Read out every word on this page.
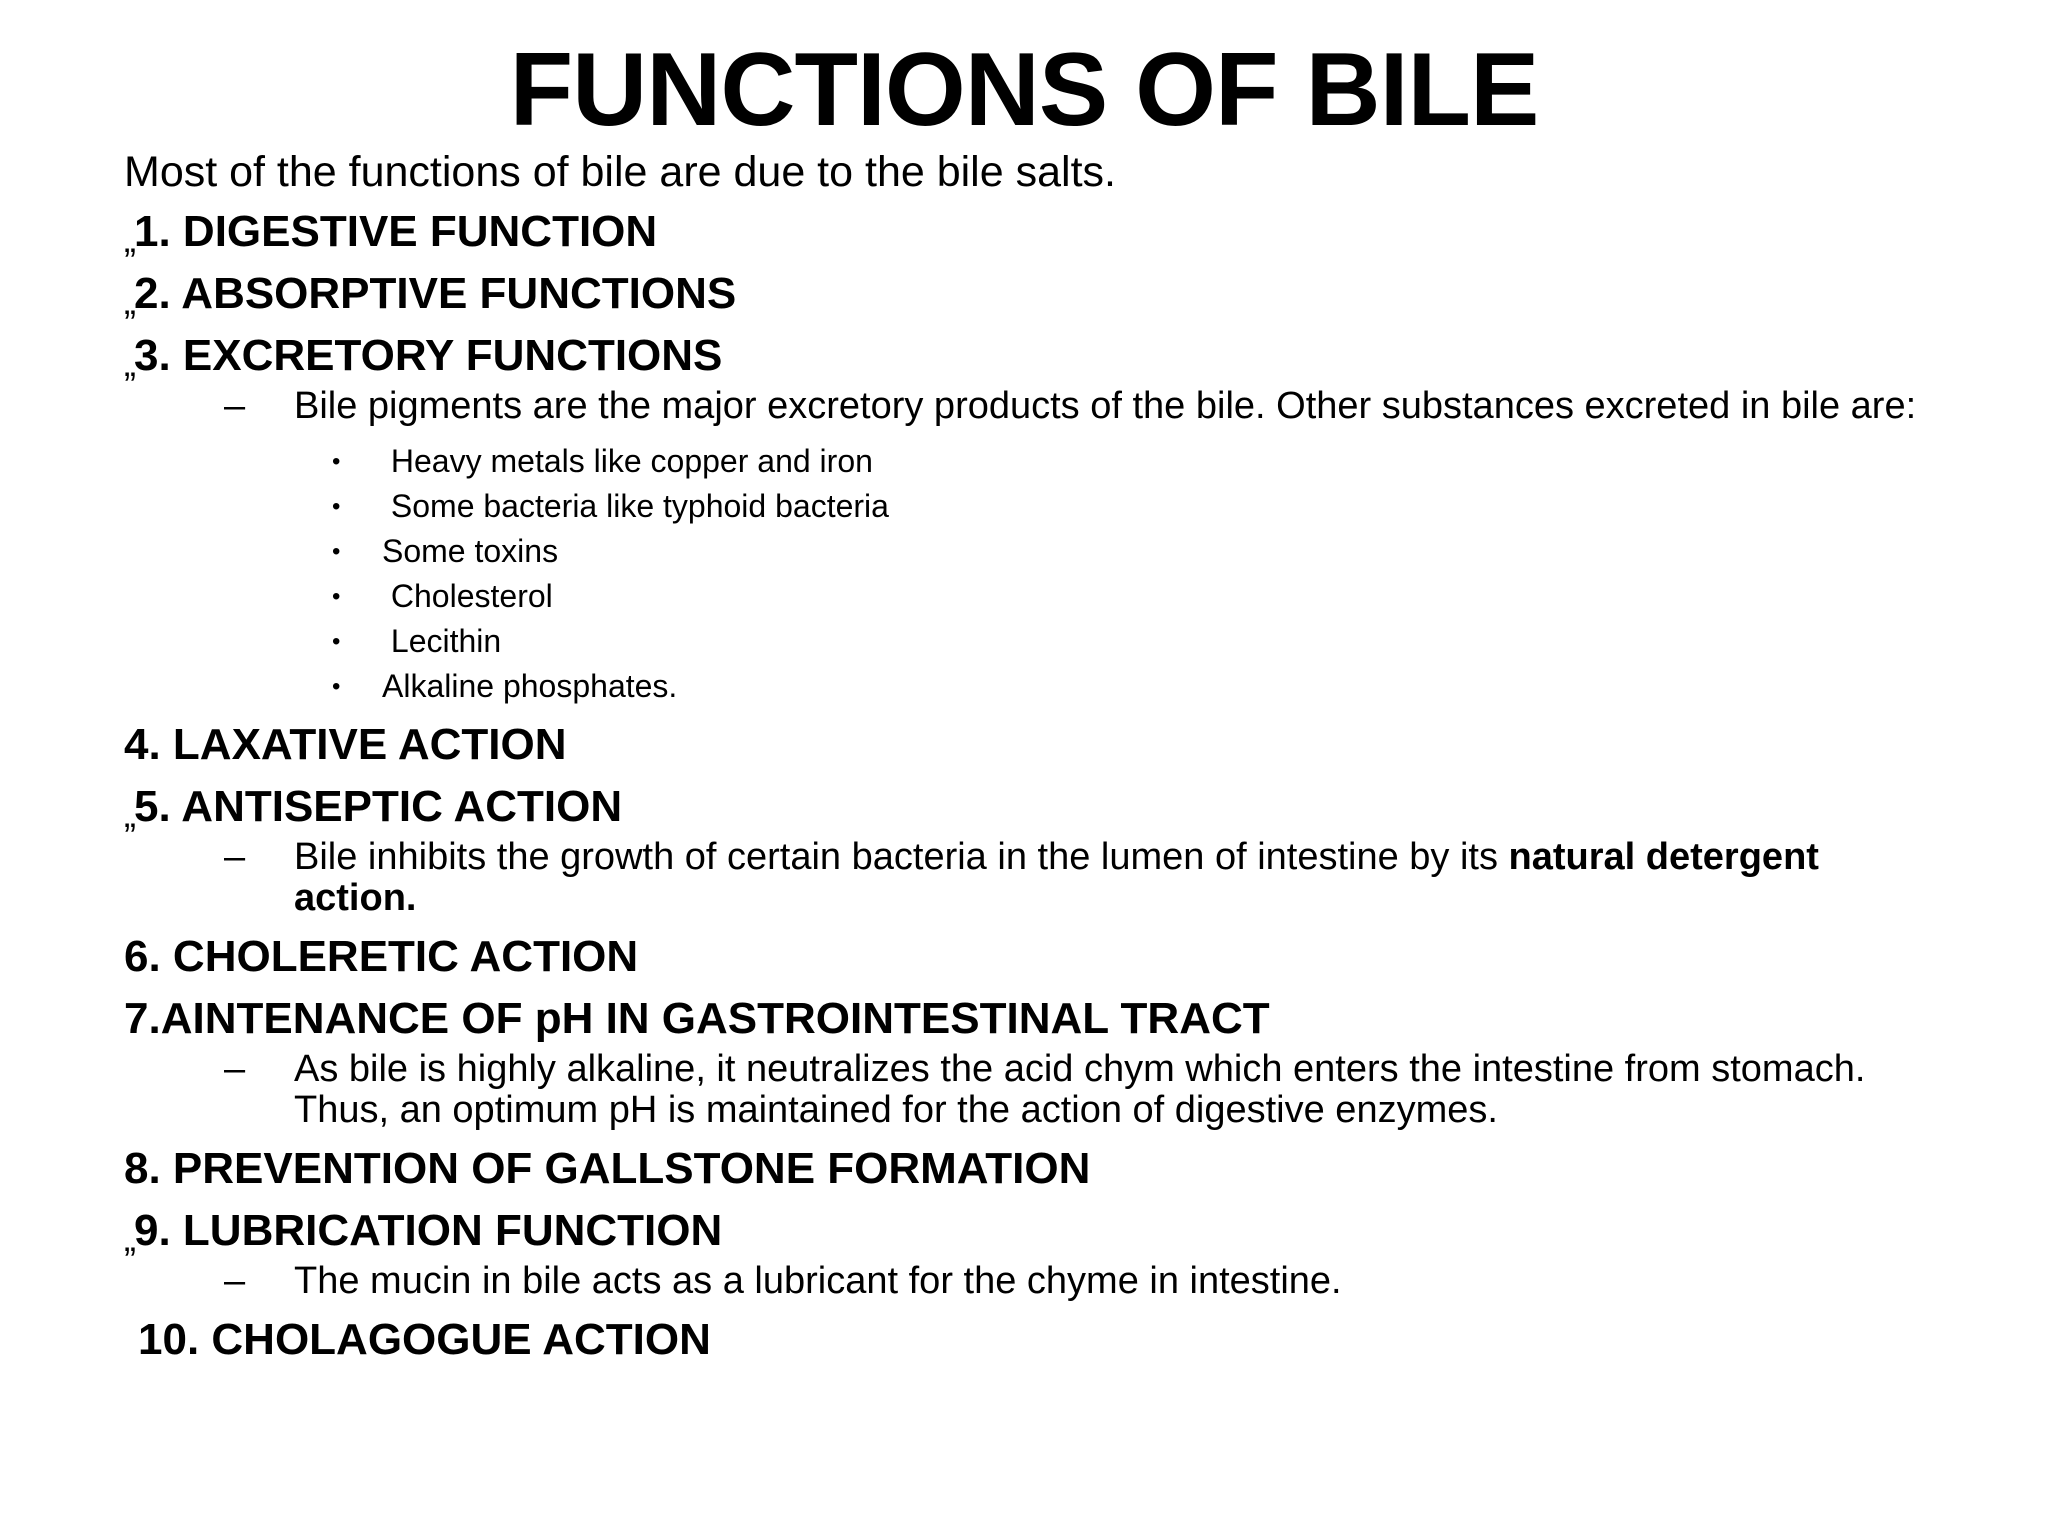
FUNCTIONS OF BILE
Most of the functions of bile are due to the bile salts.
„1. DIGESTIVE FUNCTION
„2. ABSORPTIVE FUNCTIONS
„3. EXCRETORY FUNCTIONS
– Bile pigments are the major excretory products of the bile. Other substances excreted in bile are:
• Heavy metals like copper and iron
• Some bacteria like typhoid bacteria
• Some toxins
• Cholesterol
• Lecithin
• Alkaline phosphates.
4. LAXATIVE ACTION
„5. ANTISEPTIC ACTION
– Bile inhibits the growth of certain bacteria in the lumen of intestine by its natural detergent action.
6. CHOLERETIC ACTION
7.AINTENANCE OF pH IN GASTROINTESTINAL TRACT
– As bile is highly alkaline, it neutralizes the acid chym which enters the intestine from stomach. Thus, an optimum pH is maintained for the action of digestive enzymes.
8. PREVENTION OF GALLSTONE FORMATION
„9. LUBRICATION FUNCTION
– The mucin in bile acts as a lubricant for the chyme in intestine.
10. CHOLAGOGUE ACTION
